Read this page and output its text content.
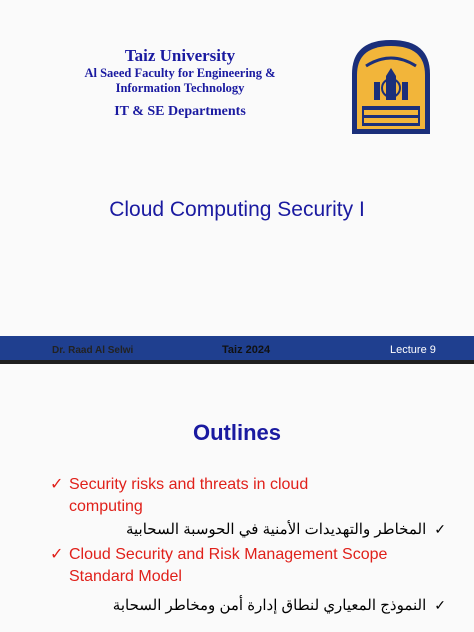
Taiz University
Al Saeed Faculty for Engineering &
Information Technology
IT & SE Departments
Cloud Computing Security I
Dr. Raad Al Selwi	Taiz 2024	Lecture 9
Outlines
✓ Security risks and threats in cloud
computing
✓المخاطر والتهديدات الأمنية في الحوسبة السحابية
✓ Cloud Security and Risk Management Scope
Standard Model
✓النموذج المعياري لنطاق إدارة أمن ومخاطر السحابة
